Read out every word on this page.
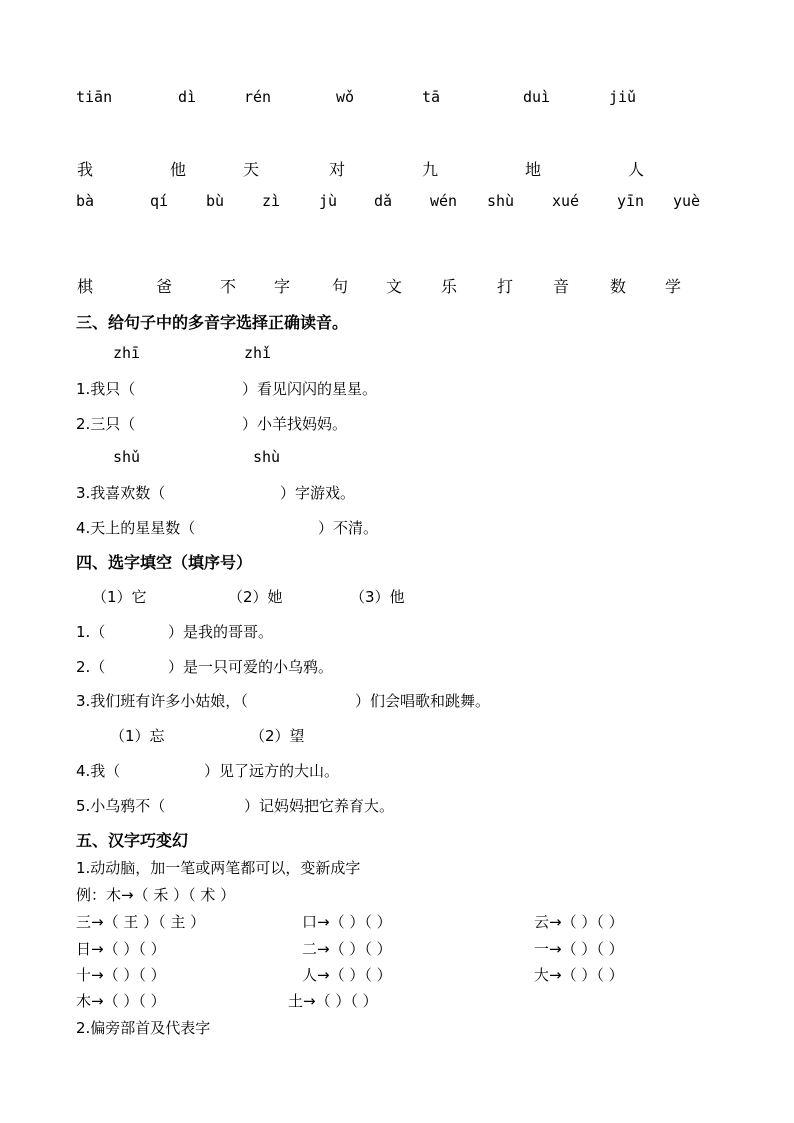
tiān	dì	rén	wǒ	tā	duì	jiǔ
我	他	天	对	九	地	人
bà	qí	bù	zì	jù dǎ	wén shù	xué	yīn yuè
棋	爸	不 字	句 文 乐 打 音	数 学
三、给句子中的多音字选择正确读音。
zhī	zhǐ
1.我只（	）看见闪闪的星星。
2.三只（	）小羊找妈妈。
shǔ	shù
3.我喜欢数（	）字游戏。
4.天上的星星数（	）不清。
四、选字填空（填序号）
（1）它	（2）她	（3）他
1.（	）是我的哥哥。
2.（	）是一只可爱的小乌鸦。
3.我们班有许多小姑娘，（	）们会唱歌和跳舞。
（1）忘	（2）望
4.我（	）见了远方的大山。
5.小乌鸦不（	）记妈妈把它养育大。
五、汉字巧变幻
1.动动脑，加一笔或两笔都可以，变新成字
例：木→（ 禾 ）（ 术 ）
三→（ 王 ）（ 主 ）	口→（ ）（ ）	云→（ ）（ ）
日→（ ）（ ）	二→（ ）（ ）	一→（ ）（ ）
十→（ ）（ ）	人→（ ）（ ）	大→（ ）（ ）
木→（ ）（ ）	土→（ ）（ ）
2.偏旁部首及代表字
